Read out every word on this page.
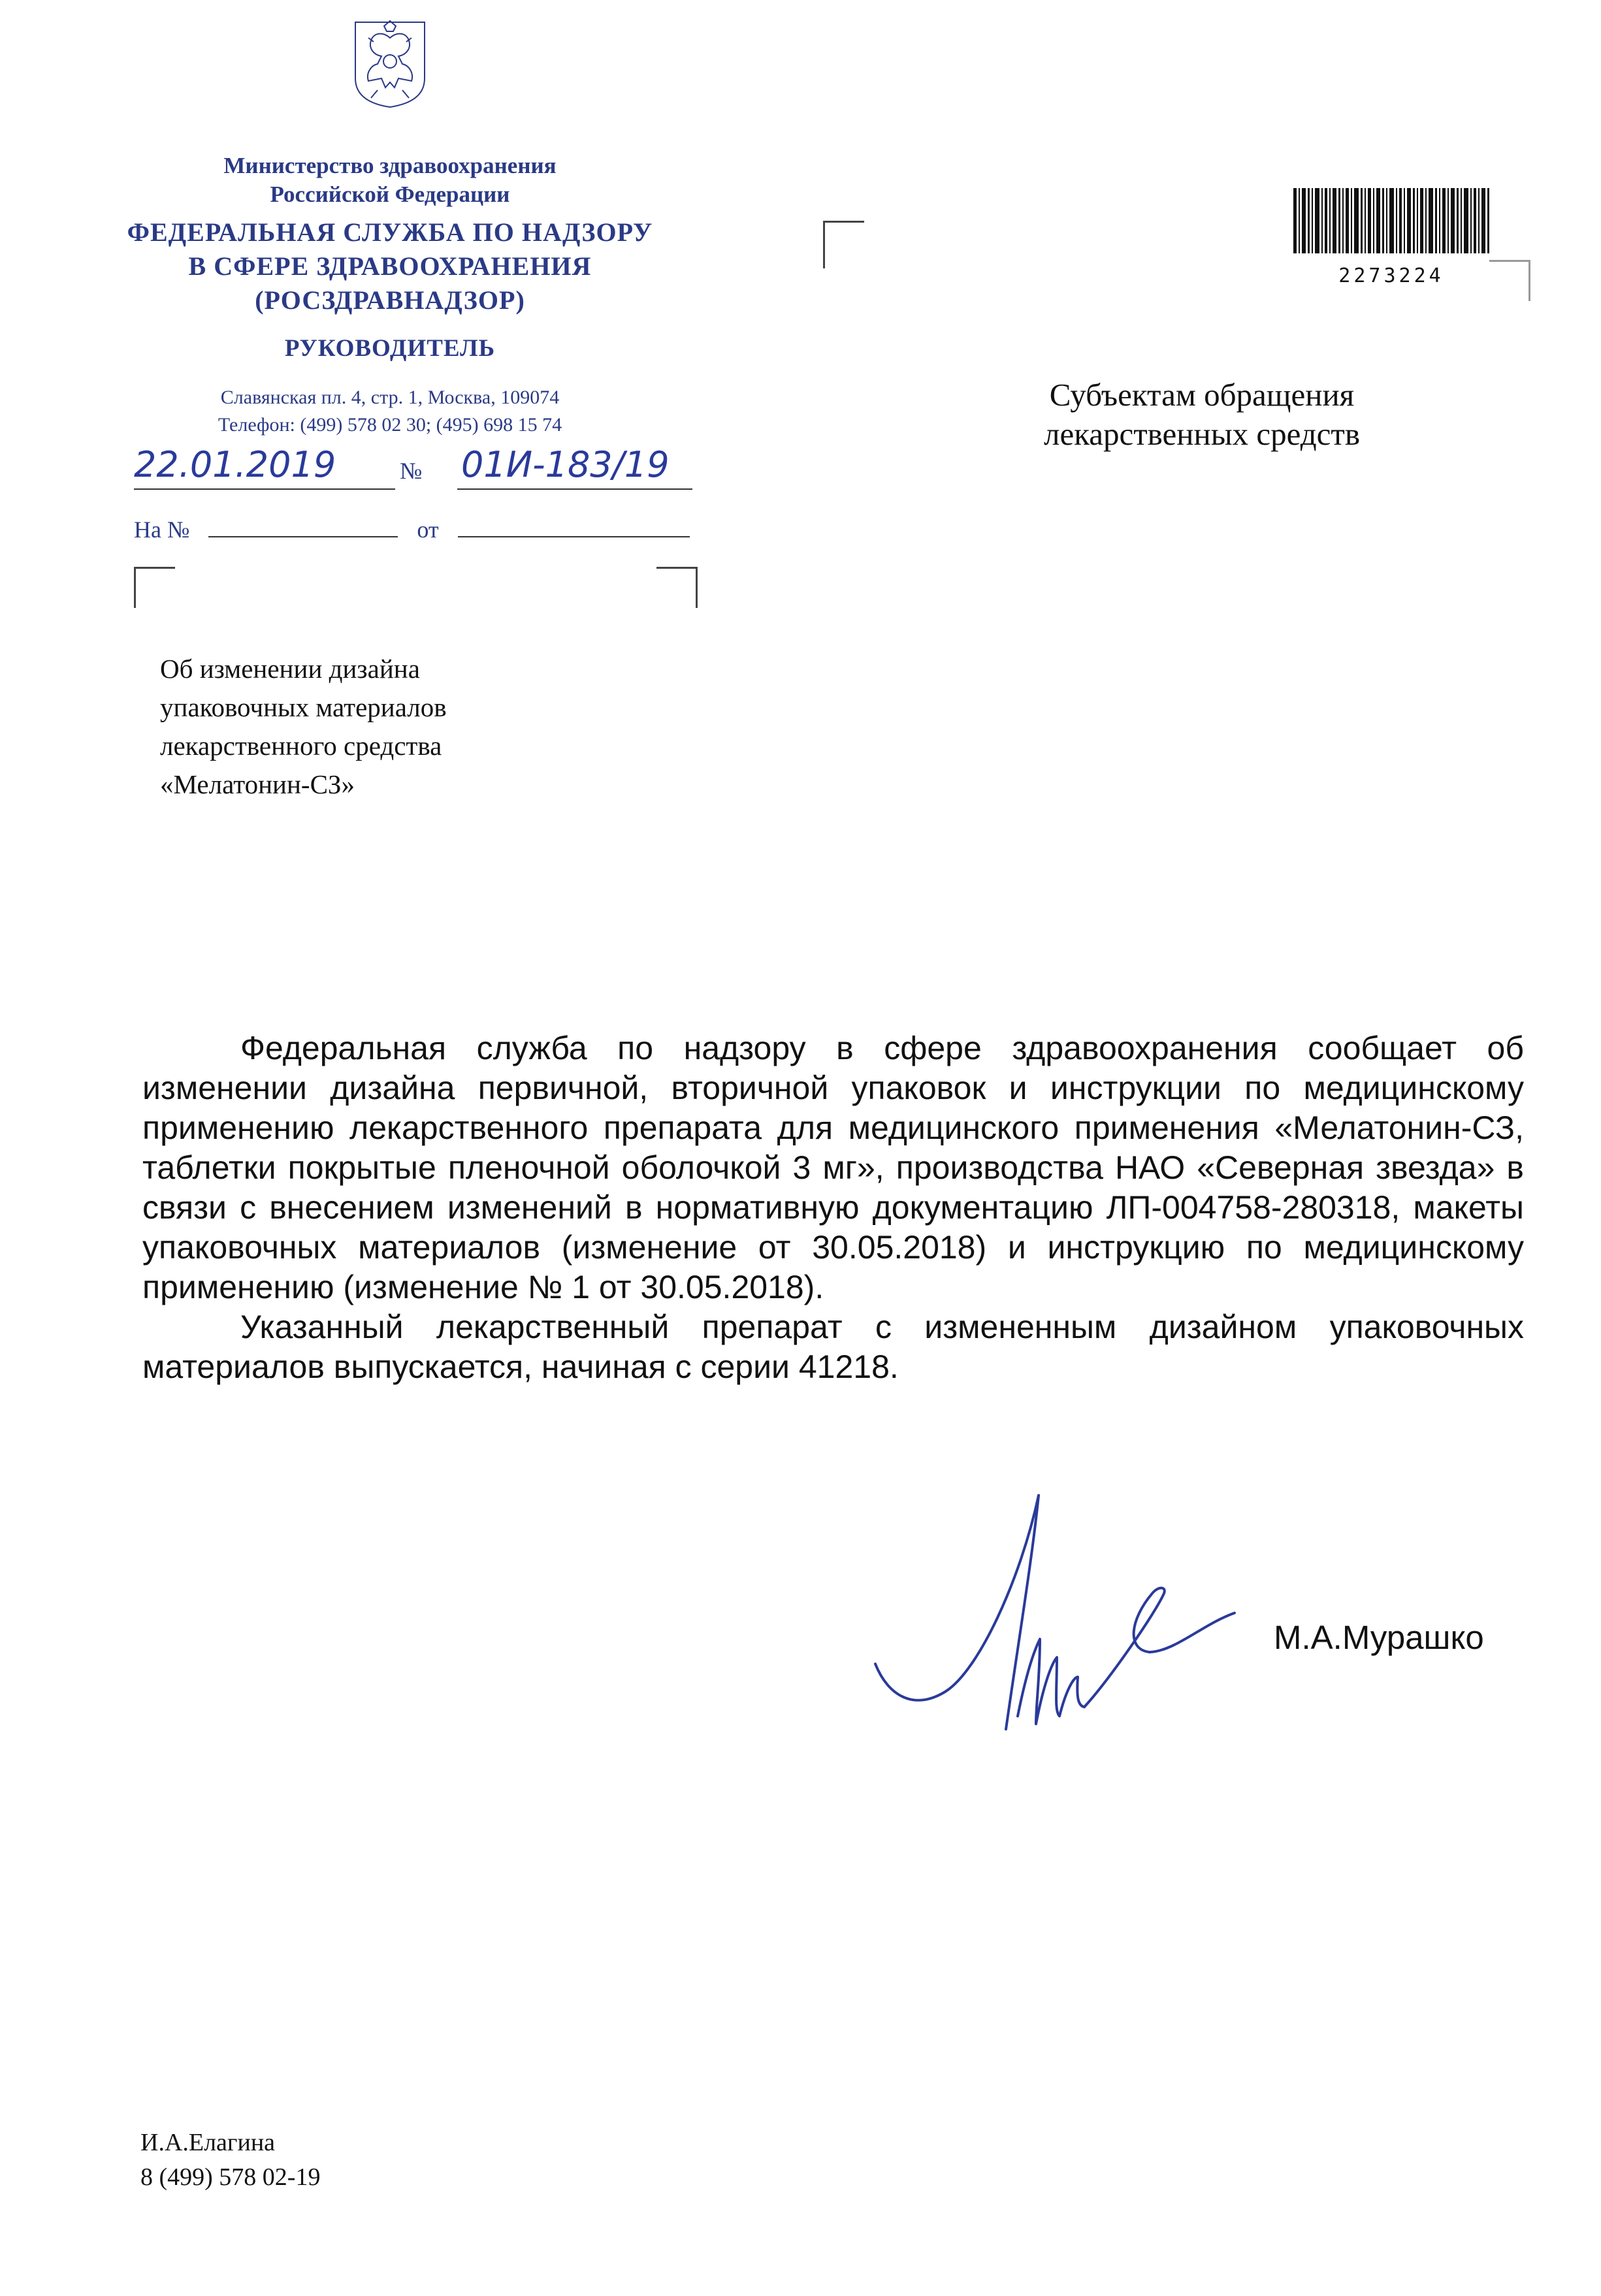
Министерство здравоохранения
Российской Федерации
ФЕДЕРАЛЬНАЯ СЛУЖБА ПО НАДЗОРУ
В СФЕРЕ ЗДРАВООХРАНЕНИЯ
(РОСЗДРАВНАДЗОР)
РУКОВОДИТЕЛЬ
Славянская пл. 4, стр. 1, Москва, 109074
Телефон: (499) 578 02 30; (495) 698 15 74
2273224
Субъектам обращения
лекарственных средств
22.01.2019	№ 01И-183/19
На №	от
Об изменении дизайна
упаковочных материалов
лекарственного средства
«Мелатонин-СЗ»

Федеральная служба по надзору в сфере здравоохранения сообщает об изменении дизайна первичной, вторичной упаковок и инструкции по медицинскому применению лекарственного препарата для медицинского применения «Мелатонин-СЗ, таблетки покрытые пленочной оболочкой 3 мг», производства НАО «Северная звезда» в связи с внесением изменений в нормативную документацию ЛП-004758-280318, макеты упаковочных материалов (изменение от 30.05.2018) и инструкцию по медицинскому применению (изменение № 1 от 30.05.2018).

Указанный лекарственный препарат с измененным дизайном упаковочных материалов выпускается, начиная с серии 41218.

М.А.Мурашко
И.А.Елагина
8 (499) 578 02-19
